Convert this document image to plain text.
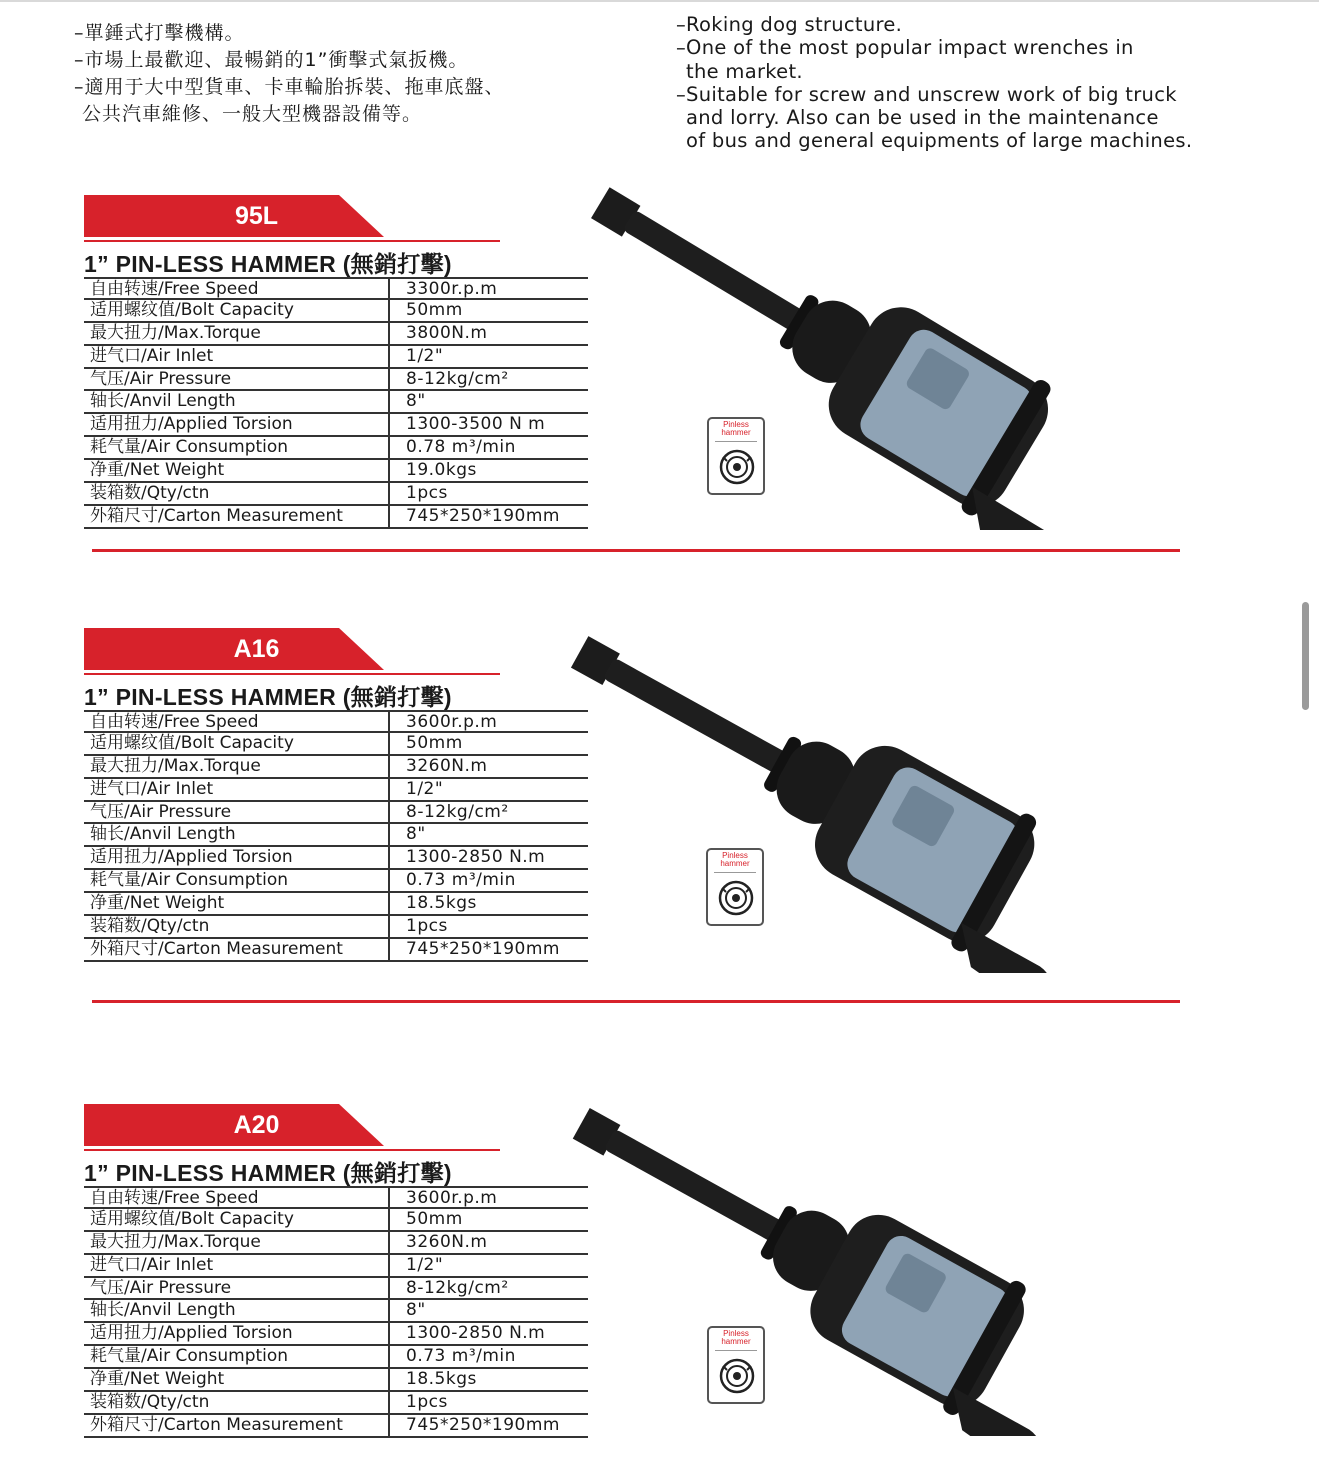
–單錘式打擊機構。
–市場上最歡迎、最暢銷的1”衝擊式氣扳機。
–適用于大中型貨車、卡車輪胎拆裝、拖車底盤、
公共汽車維修、一般大型機器設備等。
–Roking dog structure.
–One of the most popular impact wrenches in
the market.
–Suitable for screw and unscrew work of big truck
and lorry. Also can be used in the maintenance
of bus and general equipments of large machines.
95L
1” PIN-LESS HAMMER (無銷打擊)
自由转速/Free Speed	3300r.p.m
适用螺纹值/Bolt Capacity	50mm
最大扭力/Max.Torque	3800N.m
进气口/Air Inlet	1/2"
气压/Air Pressure	8-12kg/cm²
轴长/Anvil Length	8"
适用扭力/Applied Torsion	1300-3500 N m
耗气量/Air Consumption	0.78 m³/min
净重/Net Weight	19.0kgs
装箱数/Qty/ctn	1pcs
外箱尺寸/Carton Measurement	745*250*190mm
Pinless hammer
A16
1” PIN-LESS HAMMER (無銷打擊)
自由转速/Free Speed	3600r.p.m
适用螺纹值/Bolt Capacity	50mm
最大扭力/Max.Torque	3260N.m
进气口/Air Inlet	1/2"
气压/Air Pressure	8-12kg/cm²
轴长/Anvil Length	8"
适用扭力/Applied Torsion	1300-2850 N.m
耗气量/Air Consumption	0.73 m³/min
净重/Net Weight	18.5kgs
装箱数/Qty/ctn	1pcs
外箱尺寸/Carton Measurement	745*250*190mm
Pinless hammer
A20
1” PIN-LESS HAMMER (無銷打擊)
自由转速/Free Speed	3600r.p.m
适用螺纹值/Bolt Capacity	50mm
最大扭力/Max.Torque	3260N.m
进气口/Air Inlet	1/2"
气压/Air Pressure	8-12kg/cm²
轴长/Anvil Length	8"
适用扭力/Applied Torsion	1300-2850 N.m
耗气量/Air Consumption	0.73 m³/min
净重/Net Weight	18.5kgs
装箱数/Qty/ctn	1pcs
外箱尺寸/Carton Measurement	745*250*190mm
Pinless hammer
